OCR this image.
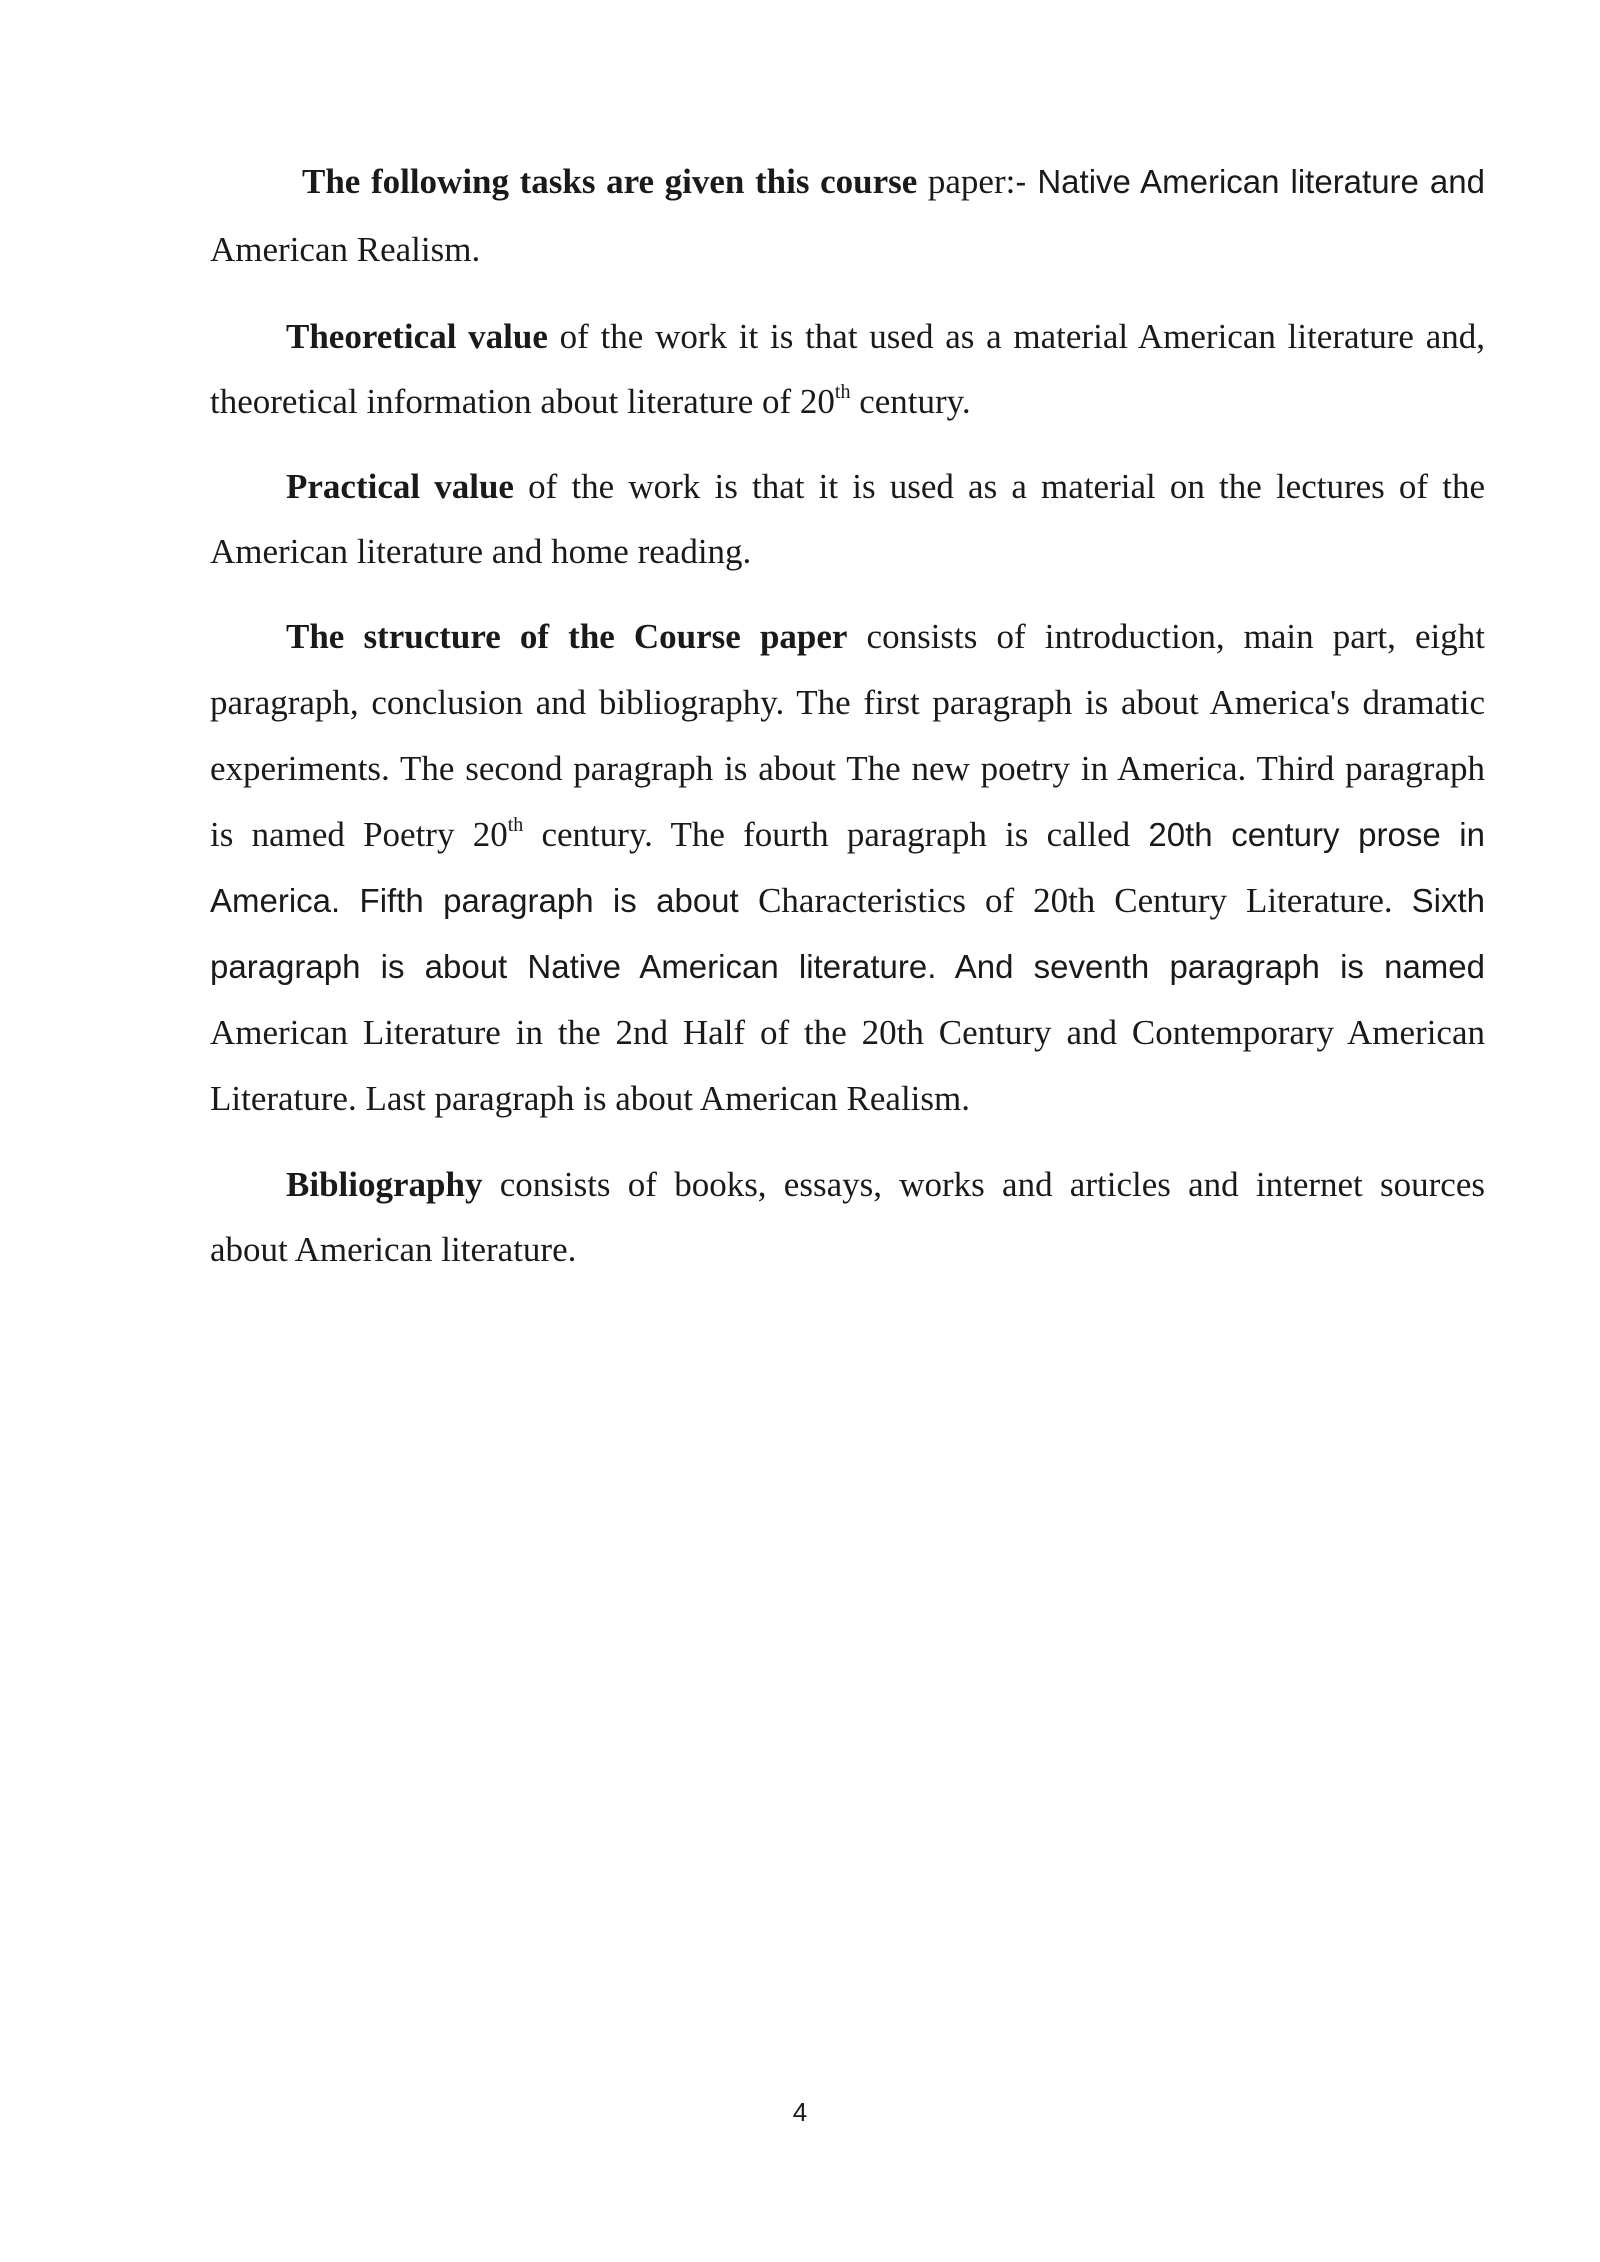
The following tasks are given this course paper:- Native American literature and American Realism.

Theoretical value of the work it is that used as a material American literature and, theoretical information about literature of 20th century.

Practical value of the work is that it is used as a material on the lectures of the American literature and home reading.

The structure of the Course paper consists of introduction, main part, eight paragraph, conclusion and bibliography. The first paragraph is about America's dramatic experiments. The second paragraph is about The new poetry in America. Third paragraph is named Poetry 20th century. The fourth paragraph is called 20th century prose in America. Fifth paragraph is about Characteristics of 20th Century Literature. Sixth paragraph is about Native American literature. And seventh paragraph is named American Literature in the 2nd Half of the 20th Century and Contemporary American Literature. Last paragraph is about American Realism.

Bibliography consists of books, essays, works and articles and internet sources about American literature.

4
